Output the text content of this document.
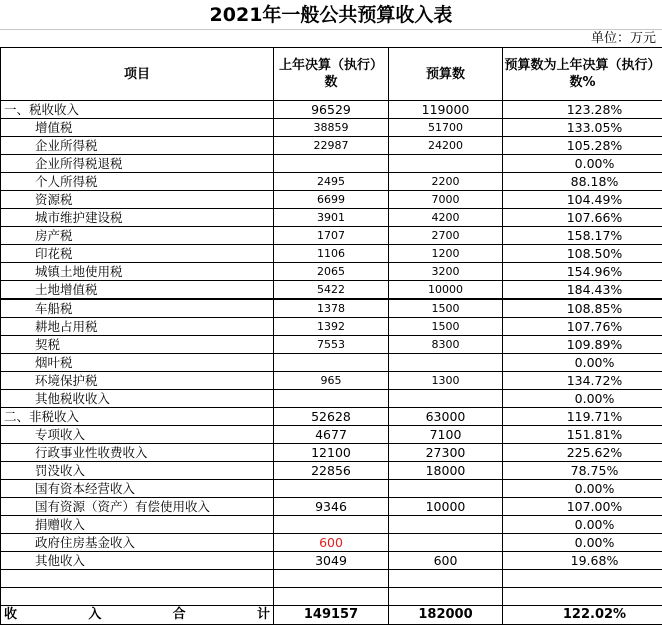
2021年一般公共预算收入表
单位：万元
项目	上年决算（执行）数	预算数	预算数为上年决算（执行）数%
一、税收收入	96529	119000	123.28%
增值税	38859	51700	133.05%
企业所得税	22987	24200	105.28%
企业所得税退税			0.00%
个人所得税	2495	2200	88.18%
资源税	6699	7000	104.49%
城市维护建设税	3901	4200	107.66%
房产税	1707	2700	158.17%
印花税	1106	1200	108.50%
城镇土地使用税	2065	3200	154.96%
土地增值税	5422	10000	184.43%
车船税	1378	1500	108.85%
耕地占用税	1392	1500	107.76%
契税	7553	8300	109.89%
烟叶税			0.00%
环境保护税	965	1300	134.72%
其他税收收入			0.00%
二、非税收入	52628	63000	119.71%
专项收入	4677	7100	151.81%
行政事业性收费收入	12100	27300	225.62%
罚没收入	22856	18000	78.75%
国有资本经营收入			0.00%
国有资源（资产）有偿使用收入	9346	10000	107.00%
捐赠收入			0.00%
政府住房基金收入	600		0.00%
其他收入	3049	600	19.68%

收 入 合 计	149157	182000	122.02%
